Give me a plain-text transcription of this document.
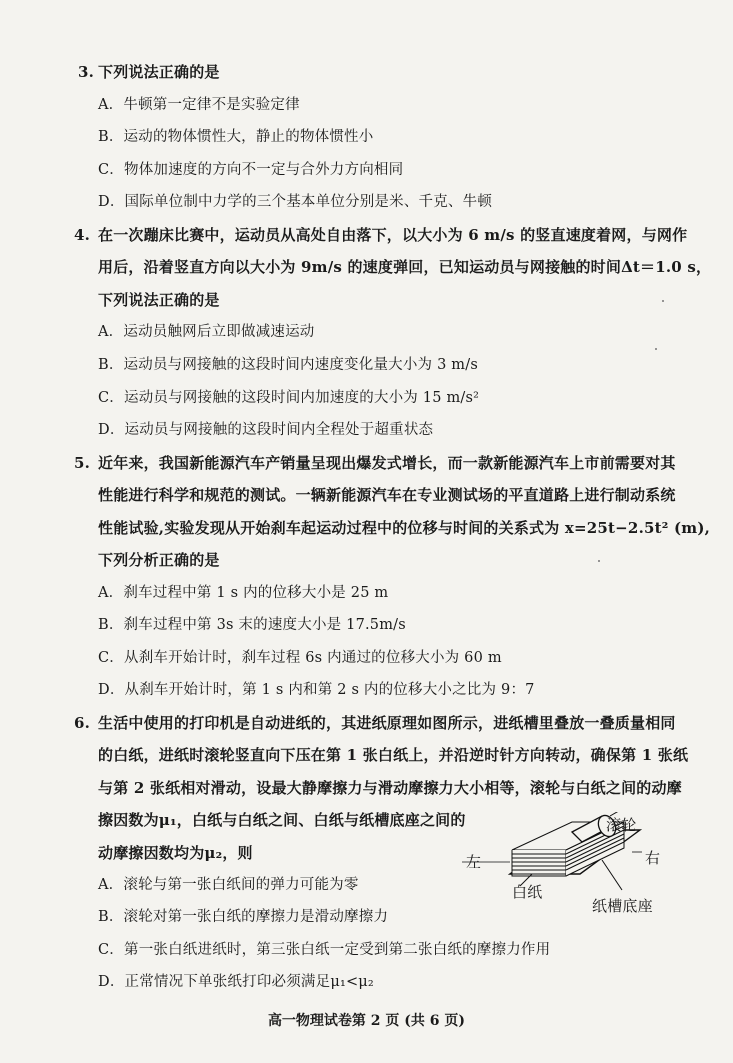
3. 下列说法正确的是
A．牛顿第一定律不是实验定律
B．运动的物体惯性大，静止的物体惯性小
C．物体加速度的方向不一定与合外力方向相同
D．国际单位制中力学的三个基本单位分别是米、千克、牛顿
4. 在一次蹦床比赛中，运动员从高处自由落下，以大小为 6 m/s 的竖直速度着网，与网作
用后，沿着竖直方向以大小为 9m/s 的速度弹回，已知运动员与网接触的时间Δt＝1.0 s，
下列说法正确的是
A．运动员触网后立即做减速运动
B．运动员与网接触的这段时间内速度变化量大小为 3 m/s
C．运动员与网接触的这段时间内加速度的大小为 15 m/s²
D．运动员与网接触的这段时间内全程处于超重状态
5. 近年来，我国新能源汽车产销量呈现出爆发式增长，而一款新能源汽车上市前需要对其
性能进行科学和规范的测试。一辆新能源汽车在专业测试场的平直道路上进行制动系统
性能试验,实验发现从开始刹车起运动过程中的位移与时间的关系式为 x=25t−2.5t² (m),
下列分析正确的是
A．刹车过程中第 1 s 内的位移大小是 25 m
B．刹车过程中第 3s 末的速度大小是 17.5m/s
C．从刹车开始计时，刹车过程 6s 内通过的位移大小为 60 m
D．从刹车开始计时，第 1 s 内和第 2 s 内的位移大小之比为 9：7
6. 生活中使用的打印机是自动进纸的，其进纸原理如图所示，进纸槽里叠放一叠质量相同
的白纸，进纸时滚轮竖直向下压在第 1 张白纸上，并沿逆时针方向转动，确保第 1 张纸
与第 2 张纸相对滑动，设最大静摩擦力与滑动摩擦力大小相等，滚轮与白纸之间的动摩
擦因数为μ₁，白纸与白纸之间、白纸与纸槽底座之间的
动摩擦因数均为μ₂，则
A．滚轮与第一张白纸间的弹力可能为零
B．滚轮对第一张白纸的摩擦力是滑动摩擦力
C．第一张白纸进纸时，第三张白纸一定受到第二张白纸的摩擦力作用
D．正常情况下单张纸打印必须满足μ₁<μ₂
滚轮
左	右
白纸
纸槽底座
高一物理试卷第 2 页 (共 6 页)
